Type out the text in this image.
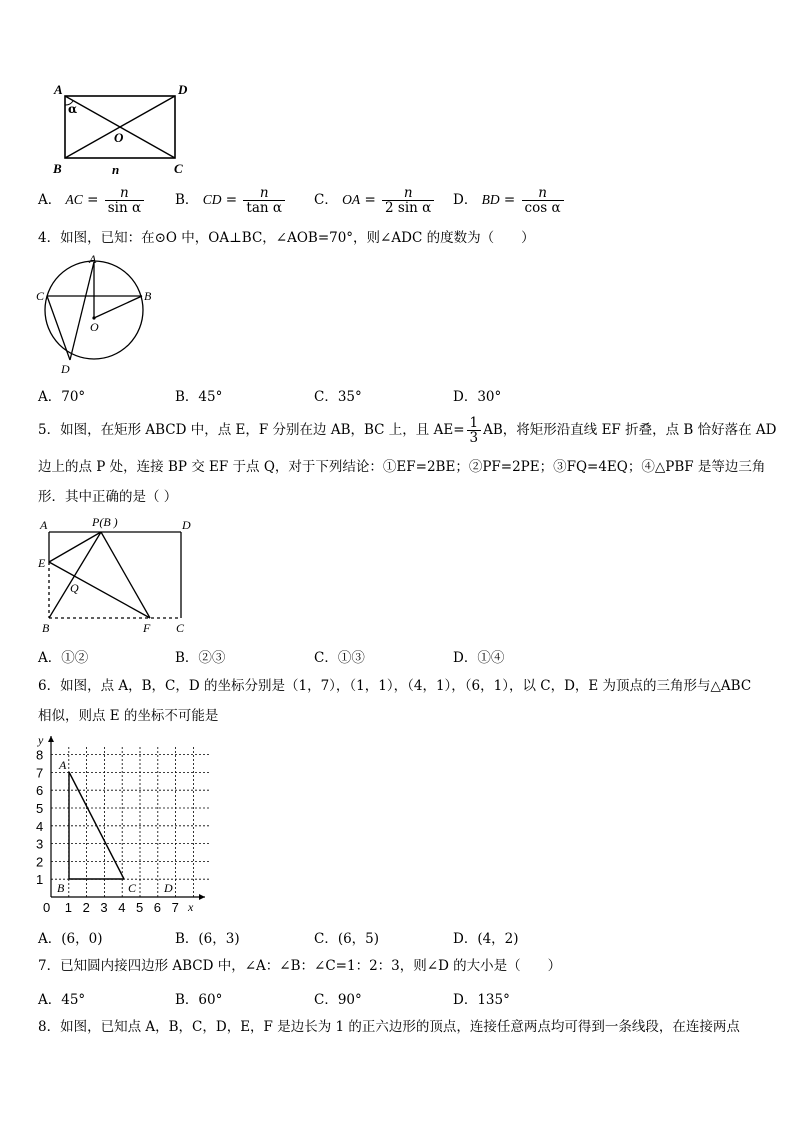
A	D
B	C
O
α
n
A． AC = $\frac{n}{\text{sin α}}$ B． CD = $\frac{n}{\text{tan α}}$ C． OA = $\frac{n}{\text{2 sin α}}$ D． BD = $\frac{n}{\text{cos α}}$
4．如图，已知：在⊙O 中，OA⊥BC，∠AOB=70°，则∠ADC 的度数为（　　）
A
C	B
O
D
A．70°	B．45°	C．35°	D．30°
5．如图，在矩形 ABCD 中，点 E，F 分别在边 AB，BC 上，且 $AE= \frac{1}{3}$ AB，将矩形沿直线 EF 折叠，点 B 恰好落在 AD
边上的点 P 处，连接 BP 交 EF 于点 Q，对于下列结论：①EF=2BE；②PF=2PE；③FQ=4EQ；④△PBF 是等边三角
形．其中正确的是（ ）
A	P(B )	D
E
Q
B	F C
A．①②	B．②③	C．①③	D．①④
6．如图，点 A，B，C，D 的坐标分别是（1，7），（1，1），（4，1），（6，1），以 C，D，E 为顶点的三角形与△ABC
相似，则点 E 的坐标不可能是
1
2
3
4
5
6
7
8
0 1 2 3 4 5 6 7
y
x
A
B	C D
A．(6，0)	B．(6，3)	C．(6，5)	D．(4，2)
7．已知圆内接四边形 ABCD 中，∠A：∠B：∠C=1：2：3，则∠D 的大小是（　　）
A．45°	B．60°	C．90°	D．135°
8．如图，已知点 A，B，C，D，E，F 是边长为 1 的正六边形的顶点，连接任意两点均可得到一条线段，在连接两点
